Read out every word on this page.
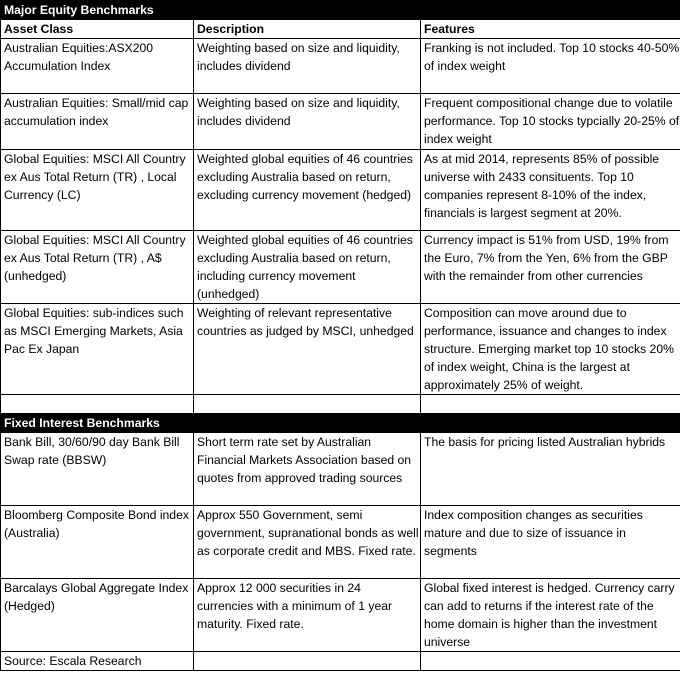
Major Equity Benchmarks		
Asset Class	Description	Features
Australian Equities:ASX200 Accumulation Index	Weighting based on size and liquidity, includes dividend	Franking is not included. Top 10 stocks 40-50% of index weight
Australian Equities: Small/mid cap accumulation index	Weighting based on size and liquidity, includes dividend	Frequent compositional change due to volatile performance. Top 10 stocks typcially 20-25% of index weight
Global Equities: MSCI All Country ex Aus Total Return (TR) , Local Currency (LC)	Weighted global equities of 46 countries excluding Australia based on return, excluding currency movement (hedged)	As at mid 2014, represents 85% of possible universe with 2433 consituents. Top 10 companies represent 8-10% of the index, financials is largest segment at 20%.
Global Equities: MSCI All Country ex Aus Total Return (TR) , A$ (unhedged)	Weighted global equities of 46 countries excluding Australia based on return, including currency movement (unhedged)	Currency impact is 51% from USD, 19% from the Euro, 7% from the Yen, 6% from the GBP with the remainder from other currencies
Global Equities: sub-indices such as MSCI Emerging Markets, Asia Pac Ex Japan	Weighting of relevant representative countries as judged by MSCI, unhedged	Composition can move around due to performance, issuance and changes to index structure. Emerging market top 10 stocks 20% of index weight, China is the largest at approximately 25% of weight.

Fixed Interest Benchmarks		
Bank Bill, 30/60/90 day Bank Bill Swap rate (BBSW)	Short term rate set by Australian Financial Markets Association based on quotes from approved trading sources	The basis for pricing listed Australian hybrids
Bloomberg Composite Bond index (Australia)	Approx 550 Government, semi government, supranational bonds as well as corporate credit and MBS. Fixed rate.	Index composition changes as securities mature and due to size of issuance in segments
Barcalays Global Aggregate Index (Hedged)	Approx 12 000 securities in 24 currencies with a minimum of 1 year maturity. Fixed rate.	Global fixed interest is hedged. Currency carry can add to returns if the interest rate of the home domain is higher than the investment universe
Source: Escala Research		
